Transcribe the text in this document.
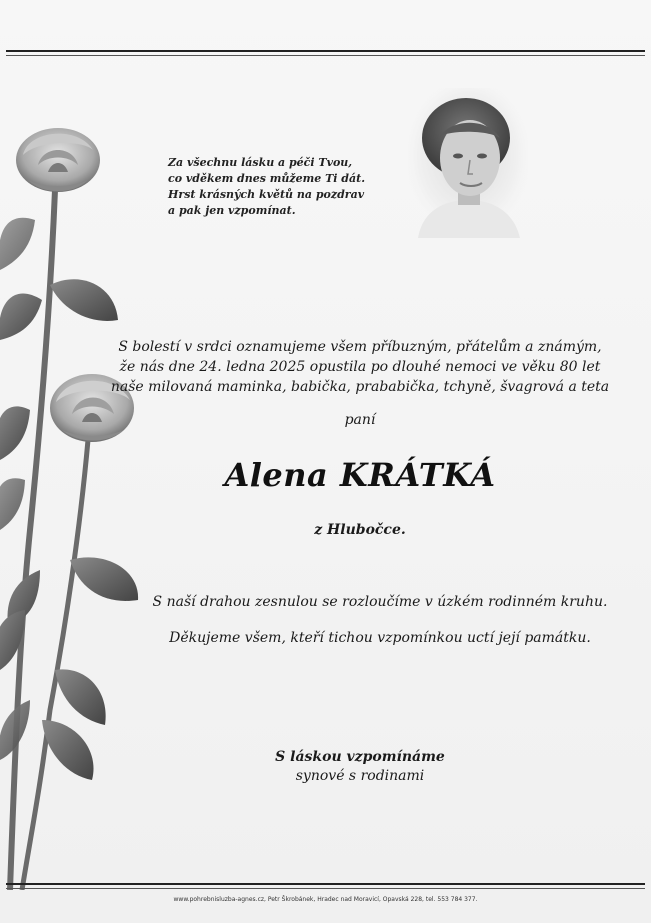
Za všechnu lásku a péči Tvou,
co vděkem dnes můžeme Ti dát.
Hrst krásných květů na pozdrav
a pak jen vzpomínat.
S bolestí v srdci oznamujeme všem příbuzným, přátelům a známým,
že nás dne 24. ledna 2025 opustila po dlouhé nemoci ve věku 80 let
naše milovaná maminka, babička, prababička, tchyně, švagrová a teta
paní
Alena KRÁTKÁ
z Hlubočce.
S naší drahou zesnulou se rozloučíme v úzkém rodinném kruhu.
Děkujeme všem, kteří tichou vzpomínkou uctí její památku.
S láskou vzpomínáme
synové s rodinami
www.pohrebnisluzba-agnes.cz, Petr Škrobánek, Hradec nad Moravicí, Opavská 228, tel. 553 784 377.
